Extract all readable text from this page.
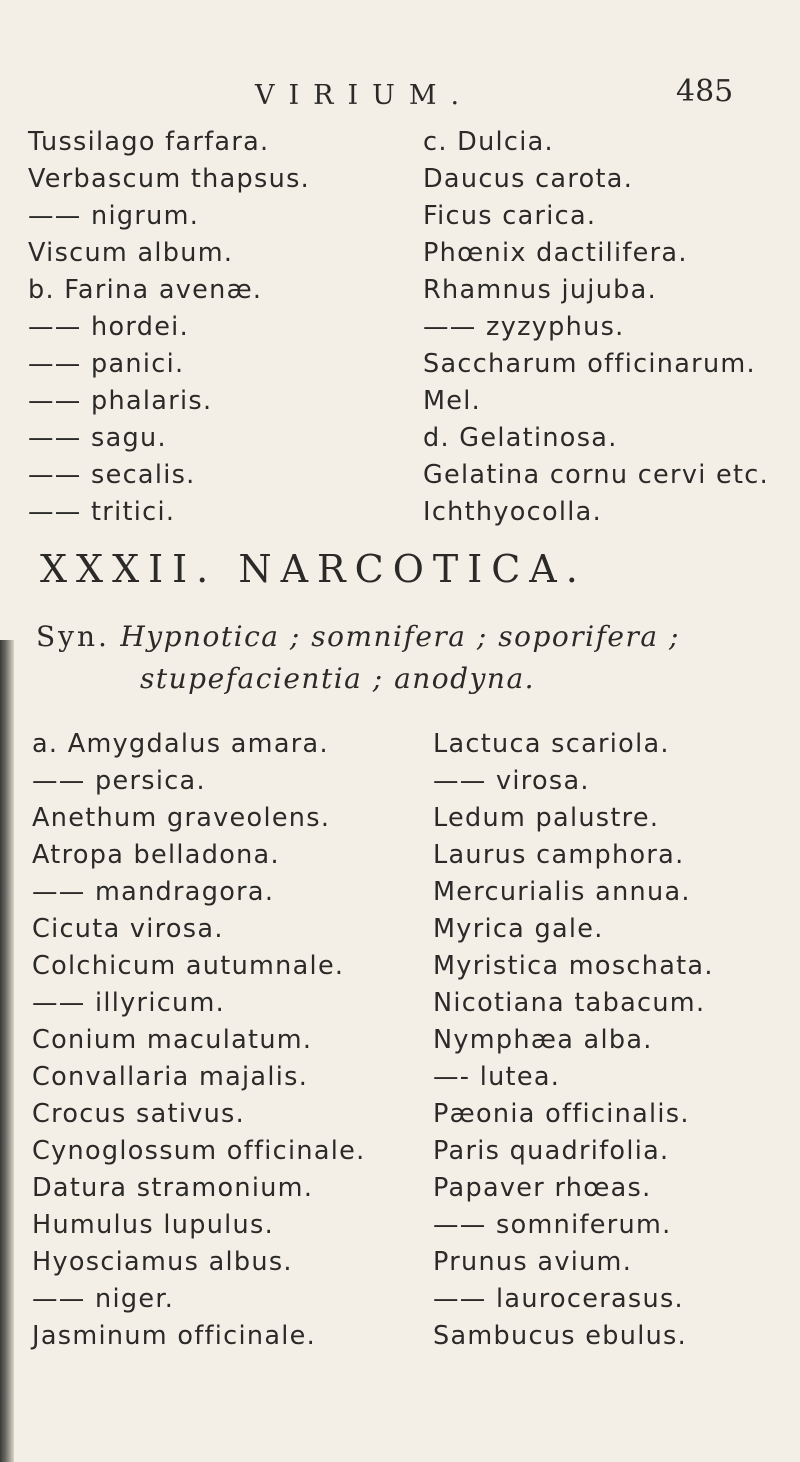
VIRIUM.	485
Tussilago farfara.
Verbascum thapsus.
—— nigrum.
Viscum album.
b. Farina avenæ.
—— hordei.
—— panici.
—— phalaris.
—— sagu.
—— secalis.
—— tritici.
c. Dulcia.
Daucus carota.
Ficus carica.
Phœnix dactilifera.
Rhamnus jujuba.
—— zyzyphus.
Saccharum officinarum.
Mel.
d. Gelatinosa.
Gelatina cornu cervi etc.
Ichthyocolla.
XXXII. NARCOTICA.
Syn. Hypnotica ; somnifera ; soporifera ;
stupefacientia ; anodyna.
a. Amygdalus amara.
—— persica.
Anethum graveolens.
Atropa belladona.
—— mandragora.
Cicuta virosa.
Colchicum autumnale.
—— illyricum.
Conium maculatum.
Convallaria majalis.
Crocus sativus.
Cynoglossum officinale.
Datura stramonium.
Humulus lupulus.
Hyosciamus albus.
—— niger.
Jasminum officinale.
Lactuca scariola.
—— virosa.
Ledum palustre.
Laurus camphora.
Mercurialis annua.
Myrica gale.
Myristica moschata.
Nicotiana tabacum.
Nymphæa alba.
—- lutea.
Pæonia officinalis.
Paris quadrifolia.
Papaver rhœas.
—— somniferum.
Prunus avium.
—— laurocerasus.
Sambucus ebulus.
